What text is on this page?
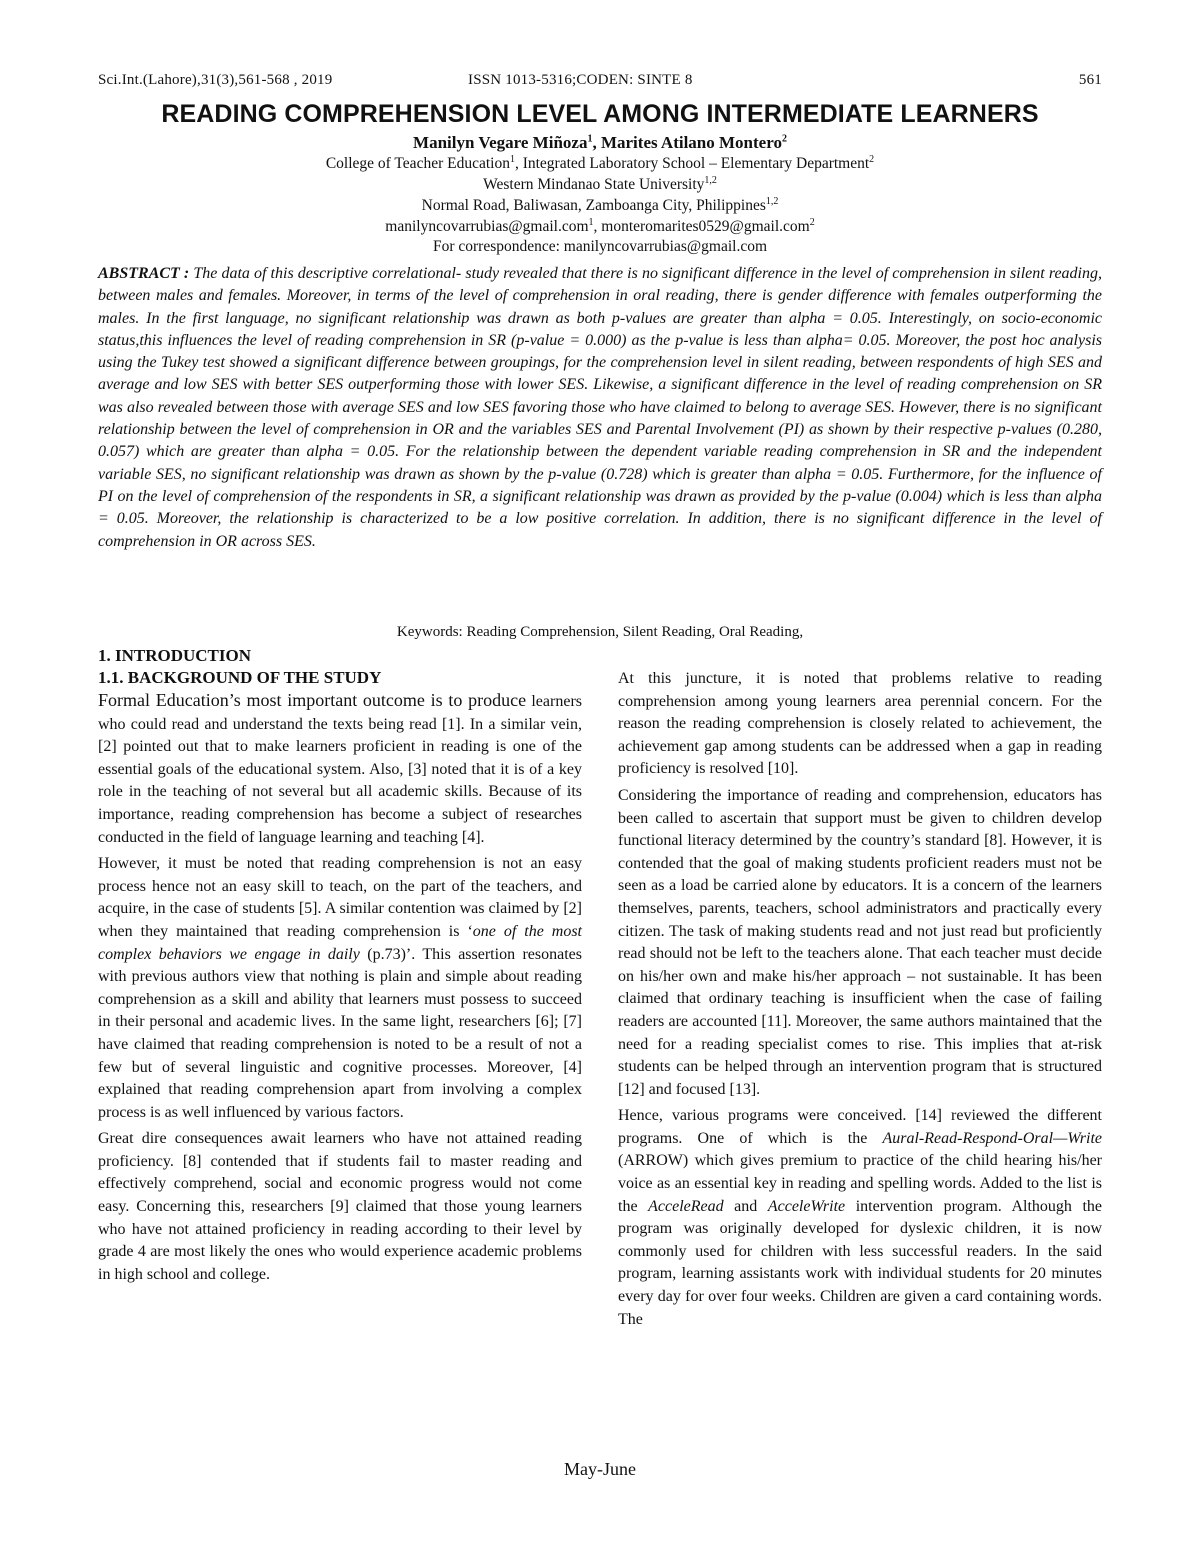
Sci.Int.(Lahore),31(3),561-568 , 2019	ISSN 1013-5316;CODEN: SINTE 8	561
READING COMPREHENSION LEVEL AMONG INTERMEDIATE LEARNERS
Manilyn Vegare Miñoza$^1$, Marites Atilano Montero$^2$
College of Teacher Education$^1$, Integrated Laboratory School – Elementary Department$^2$
Western Mindanao State University$^{1,2}$
Normal Road, Baliwasan, Zamboanga City, Philippines$^{1,2}$
manilyncovarrubias@gmail.com$^1$, monteromarites0529@gmail.com$^2$
For correspondence: manilyncovarrubias@gmail.com
ABSTRACT : The data of this descriptive correlational- study revealed that there is no significant difference in the level of comprehension in silent reading, between males and females. Moreover, in terms of the level of comprehension in oral reading, there is gender difference with females outperforming the males. In the first language, no significant relationship was drawn as both p-values are greater than alpha = 0.05. Interestingly, on socio-economic status,this influences the level of reading comprehension in SR (p-value = 0.000) as the p-value is less than alpha= 0.05. Moreover, the post hoc analysis using the Tukey test showed a significant difference between groupings, for the comprehension level in silent reading, between respondents of high SES and average and low SES with better SES outperforming those with lower SES. Likewise, a significant difference in the level of reading comprehension on SR was also revealed between those with average SES and low SES favoring those who have claimed to belong to average SES. However, there is no significant relationship between the level of comprehension in OR and the variables SES and Parental Involvement (PI) as shown by their respective p-values (0.280, 0.057) which are greater than alpha = 0.05. For the relationship between the dependent variable reading comprehension in SR and the independent variable SES, no significant relationship was drawn as shown by the p-value (0.728) which is greater than alpha = 0.05. Furthermore, for the influence of PI on the level of comprehension of the respondents in SR, a significant relationship was drawn as provided by the p-value (0.004) which is less than alpha = 0.05. Moreover, the relationship is characterized to be a low positive correlation. In addition, there is no significant difference in the level of comprehension in OR across SES.
Keywords: Reading Comprehension, Silent Reading, Oral Reading,

1. INTRODUCTION

1.1. BACKGROUND OF THE STUDY

Formal Education’s most important outcome is to produce learners who could read and understand the texts being read [1]. In a similar vein, [2] pointed out that to make learners proficient in reading is one of the essential goals of the educational system. Also, [3] noted that it is of a key role in the teaching of not several but all academic skills. Because of its importance, reading comprehension has become a subject of researches conducted in the field of language learning and teaching [4].

However, it must be noted that reading comprehension is not an easy process hence not an easy skill to teach, on the part of the teachers, and acquire, in the case of students [5]. A similar contention was claimed by [2] when they maintained that reading comprehension is ‘one of the most complex behaviors we engage in daily (p.73)’. This assertion resonates with previous authors view that nothing is plain and simple about reading comprehension as a skill and ability that learners must possess to succeed in their personal and academic lives. In the same light, researchers [6]; [7] have claimed that reading comprehension is noted to be a result of not a few but of several linguistic and cognitive processes. Moreover, [4] explained that reading comprehension apart from involving a complex process is as well influenced by various factors.

Great dire consequences await learners who have not attained reading proficiency. [8] contended that if students fail to master reading and effectively comprehend, social and economic progress would not come easy. Concerning this, researchers [9] claimed that those young learners who have not attained proficiency in reading according to their level by grade 4 are most likely the ones who would experience academic problems in high school and college.

At this juncture, it is noted that problems relative to reading comprehension among young learners area perennial concern. For the reason the reading comprehension is closely related to achievement, the achievement gap among students can be addressed when a gap in reading proficiency is resolved [10].

Considering the importance of reading and comprehension, educators has been called to ascertain that support must be given to children develop functional literacy determined by the country’s standard [8]. However, it is contended that the goal of making students proficient readers must not be seen as a load be carried alone by educators. It is a concern of the learners themselves, parents, teachers, school administrators and practically every citizen. The task of making students read and not just read but proficiently read should not be left to the teachers alone. That each teacher must decide on his/her own and make his/her approach – not sustainable. It has been claimed that ordinary teaching is insufficient when the case of failing readers are accounted [11]. Moreover, the same authors maintained that the need for a reading specialist comes to rise. This implies that at-risk students can be helped through an intervention program that is structured [12] and focused [13].

Hence, various programs were conceived. [14] reviewed the different programs. One of which is the Aural-Read-Respond-Oral—Write (ARROW) which gives premium to practice of the child hearing his/her voice as an essential key in reading and spelling words. Added to the list is the AcceleRead and AcceleWrite intervention program. Although the program was originally developed for dyslexic children, it is now commonly used for children with less successful readers. In the said program, learning assistants work with individual students for 20 minutes every day for over four weeks. Children are given a card containing words. The

May-June
